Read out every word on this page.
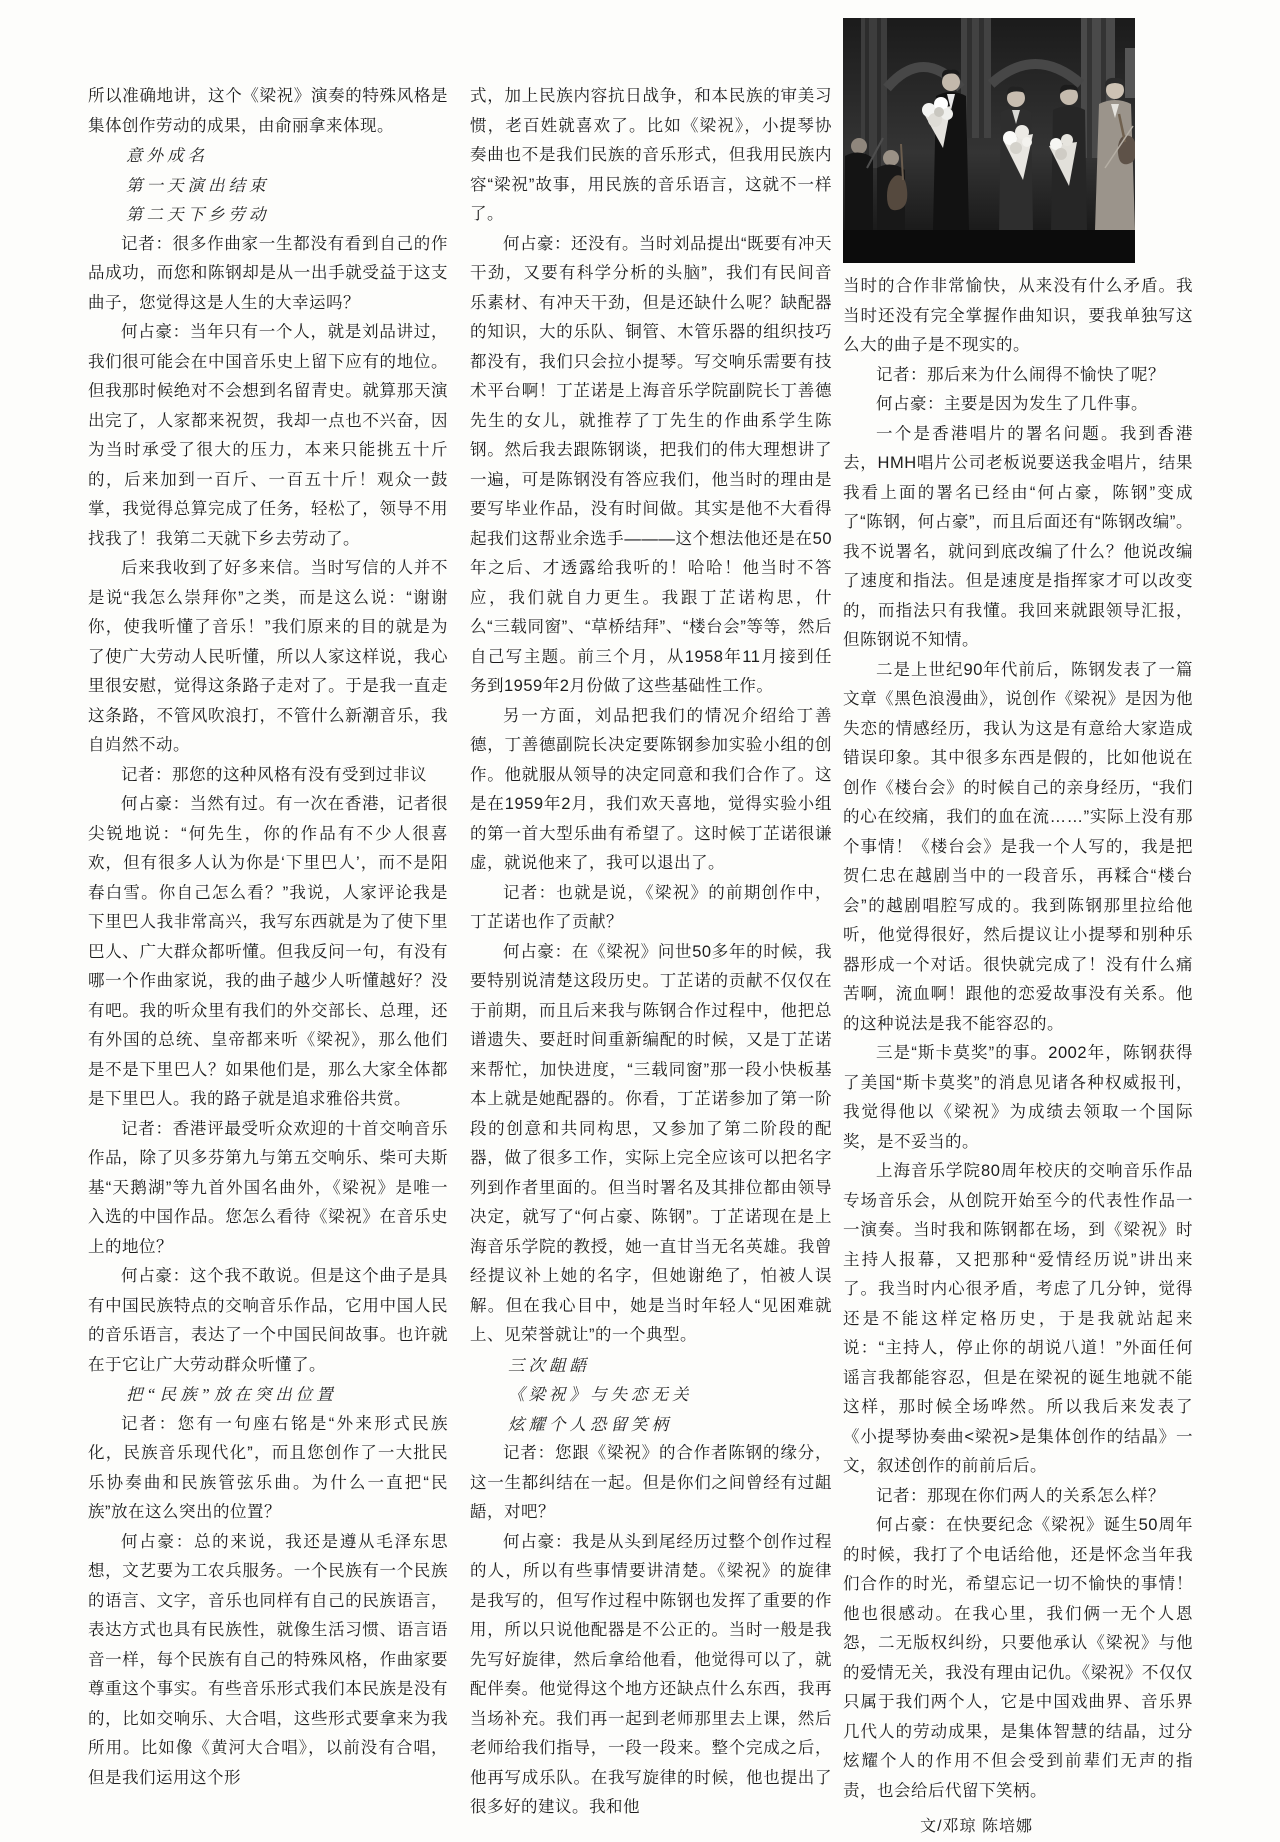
所以准确地讲，这个《梁祝》演奏的特殊风格是集体创作劳动的成果，由俞丽拿来体现。

意外成名

第一天演出结束

第二天下乡劳动

记者：很多作曲家一生都没有看到自己的作品成功，而您和陈钢却是从一出手就受益于这支曲子，您觉得这是人生的大幸运吗？

何占豪：当年只有一个人，就是刘品讲过，我们很可能会在中国音乐史上留下应有的地位。但我那时候绝对不会想到名留青史。就算那天演出完了，人家都来祝贺，我却一点也不兴奋，因为当时承受了很大的压力，本来只能挑五十斤的，后来加到一百斤、一百五十斤！观众一鼓掌，我觉得总算完成了任务，轻松了，领导不用找我了！我第二天就下乡去劳动了。

后来我收到了好多来信。当时写信的人并不是说“我怎么崇拜你”之类，而是这么说：“谢谢你，使我听懂了音乐！”我们原来的目的就是为了使广大劳动人民听懂，所以人家这样说，我心里很安慰，觉得这条路子走对了。于是我一直走这条路，不管风吹浪打，不管什么新潮音乐，我自岿然不动。

记者：那您的这种风格有没有受到过非议

何占豪：当然有过。有一次在香港，记者很尖锐地说：“何先生，你的作品有不少人很喜欢，但有很多人认为你是‘下里巴人’，而不是阳春白雪。你自己怎么看？”我说，人家评论我是下里巴人我非常高兴，我写东西就是为了使下里巴人、广大群众都听懂。但我反问一句，有没有哪一个作曲家说，我的曲子越少人听懂越好？没有吧。我的听众里有我们的外交部长、总理，还有外国的总统、皇帝都来听《梁祝》，那么他们是不是下里巴人？如果他们是，那么大家全体都是下里巴人。我的路子就是追求雅俗共赏。

记者：香港评最受听众欢迎的十首交响音乐作品，除了贝多芬第九与第五交响乐、柴可夫斯基“天鹅湖”等九首外国名曲外，《梁祝》是唯一入选的中国作品。您怎么看待《梁祝》在音乐史上的地位？

何占豪：这个我不敢说。但是这个曲子是具有中国民族特点的交响音乐作品，它用中国人民的音乐语言，表达了一个中国民间故事。也许就在于它让广大劳动群众听懂了。

把“民族”放在突出位置

记者：您有一句座右铭是“外来形式民族化，民族音乐现代化”，而且您创作了一大批民乐协奏曲和民族管弦乐曲。为什么一直把“民族”放在这么突出的位置？

何占豪：总的来说，我还是遵从毛泽东思想，文艺要为工农兵服务。一个民族有一个民族的语言、文字，音乐也同样有自己的民族语言，表达方式也具有民族性，就像生活习惯、语言语音一样，每个民族有自己的特殊风格，作曲家要尊重这个事实。有些音乐形式我们本民族是没有的，比如交响乐、大合唱，这些形式要拿来为我所用。比如像《黄河大合唱》，以前没有合唱，但是我们运用这个形

式，加上民族内容抗日战争，和本民族的审美习惯，老百姓就喜欢了。比如《梁祝》，小提琴协奏曲也不是我们民族的音乐形式，但我用民族内容“梁祝”故事，用民族的音乐语言，这就不一样了。

何占豪：还没有。当时刘品提出“既要有冲天干劲，又要有科学分析的头脑”，我们有民间音乐素材、有冲天干劲，但是还缺什么呢？缺配器的知识，大的乐队、铜管、木管乐器的组织技巧都没有，我们只会拉小提琴。写交响乐需要有技术平台啊！丁芷诺是上海音乐学院副院长丁善德先生的女儿，就推荐了丁先生的作曲系学生陈钢。然后我去跟陈钢谈，把我们的伟大理想讲了一遍，可是陈钢没有答应我们，他当时的理由是要写毕业作品，没有时间做。其实是他不大看得起我们这帮业余选手———这个想法他还是在50年之后、才透露给我听的！哈哈！他当时不答应，我们就自力更生。我跟丁芷诺构思，什么“三载同窗”、“草桥结拜”、“楼台会”等等，然后自己写主题。前三个月，从1958年11月接到任务到1959年2月份做了这些基础性工作。

另一方面，刘品把我们的情况介绍给丁善德，丁善德副院长决定要陈钢参加实验小组的创作。他就服从领导的决定同意和我们合作了。这是在1959年2月，我们欢天喜地，觉得实验小组的第一首大型乐曲有希望了。这时候丁芷诺很谦虚，就说他来了，我可以退出了。

记者：也就是说，《梁祝》的前期创作中，丁芷诺也作了贡献？

何占豪：在《梁祝》问世50多年的时候，我要特别说清楚这段历史。丁芷诺的贡献不仅仅在于前期，而且后来我与陈钢合作过程中，他把总谱遗失、要赶时间重新编配的时候，又是丁芷诺来帮忙，加快进度，“三载同窗”那一段小快板基本上就是她配器的。你看，丁芷诺参加了第一阶段的创意和共同构思，又参加了第二阶段的配器，做了很多工作，实际上完全应该可以把名字列到作者里面的。但当时署名及其排位都由领导决定，就写了“何占豪、陈钢”。丁芷诺现在是上海音乐学院的教授，她一直甘当无名英雄。我曾经提议补上她的名字，但她谢绝了，怕被人误解。但在我心目中，她是当时年轻人“见困难就上、见荣誉就让”的一个典型。

三次龃龉

《梁祝》与失恋无关

炫耀个人恐留笑柄

记者：您跟《梁祝》的合作者陈钢的缘分，这一生都纠结在一起。但是你们之间曾经有过龃龉，对吧？

何占豪：我是从头到尾经历过整个创作过程的人，所以有些事情要讲清楚。《梁祝》的旋律是我写的，但写作过程中陈钢也发挥了重要的作用，所以只说他配器是不公正的。当时一般是我先写好旋律，然后拿给他看，他觉得可以了，就配伴奏。他觉得这个地方还缺点什么东西，我再当场补充。我们再一起到老师那里去上课，然后老师给我们指导，一段一段来。整个完成之后，他再写成乐队。在我写旋律的时候，他也提出了很多好的建议。我和他

当时的合作非常愉快，从来没有什么矛盾。我当时还没有完全掌握作曲知识，要我单独写这么大的曲子是不现实的。

记者：那后来为什么闹得不愉快了呢？

何占豪：主要是因为发生了几件事。

一个是香港唱片的署名问题。我到香港去，HMH唱片公司老板说要送我金唱片，结果我看上面的署名已经由“何占豪，陈钢”变成了“陈钢，何占豪”，而且后面还有“陈钢改编”。我不说署名，就问到底改编了什么？他说改编了速度和指法。但是速度是指挥家才可以改变的，而指法只有我懂。我回来就跟领导汇报，但陈钢说不知情。

二是上世纪90年代前后，陈钢发表了一篇文章《黑色浪漫曲》，说创作《梁祝》是因为他失恋的情感经历，我认为这是有意给大家造成错误印象。其中很多东西是假的，比如他说在创作《楼台会》的时候自己的亲身经历，“我们的心在绞痛，我们的血在流……”实际上没有那个事情！《楼台会》是我一个人写的，我是把贺仁忠在越剧当中的一段音乐，再糅合“楼台会”的越剧唱腔写成的。我到陈钢那里拉给他听，他觉得很好，然后提议让小提琴和别种乐器形成一个对话。很快就完成了！没有什么痛苦啊，流血啊！跟他的恋爱故事没有关系。他的这种说法是我不能容忍的。

三是“斯卡莫奖”的事。2002年，陈钢获得了美国“斯卡莫奖”的消息见诸各种权威报刊，我觉得他以《梁祝》为成绩去领取一个国际奖，是不妥当的。

上海音乐学院80周年校庆的交响音乐作品专场音乐会，从创院开始至今的代表性作品一一演奏。当时我和陈钢都在场，到《梁祝》时主持人报幕，又把那种“爱情经历说”讲出来了。我当时内心很矛盾，考虑了几分钟，觉得还是不能这样定格历史，于是我就站起来说：“主持人，停止你的胡说八道！”外面任何谣言我都能容忍，但是在梁祝的诞生地就不能这样，那时候全场哗然。所以我后来发表了《小提琴协奏曲<梁祝>是集体创作的结晶》一文，叙述创作的前前后后。

记者：那现在你们两人的关系怎么样？

何占豪：在快要纪念《梁祝》诞生50周年的时候，我打了个电话给他，还是怀念当年我们合作的时光，希望忘记一切不愉快的事情！他也很感动。在我心里，我们俩一无个人恩怨，二无版权纠纷，只要他承认《梁祝》与他的爱情无关，我没有理由记仇。《梁祝》不仅仅只属于我们两个人，它是中国戏曲界、音乐界几代人的劳动成果，是集体智慧的结晶，过分炫耀个人的作用不但会受到前辈们无声的指责，也会给后代留下笑柄。

文/邓琼 陈培娜
